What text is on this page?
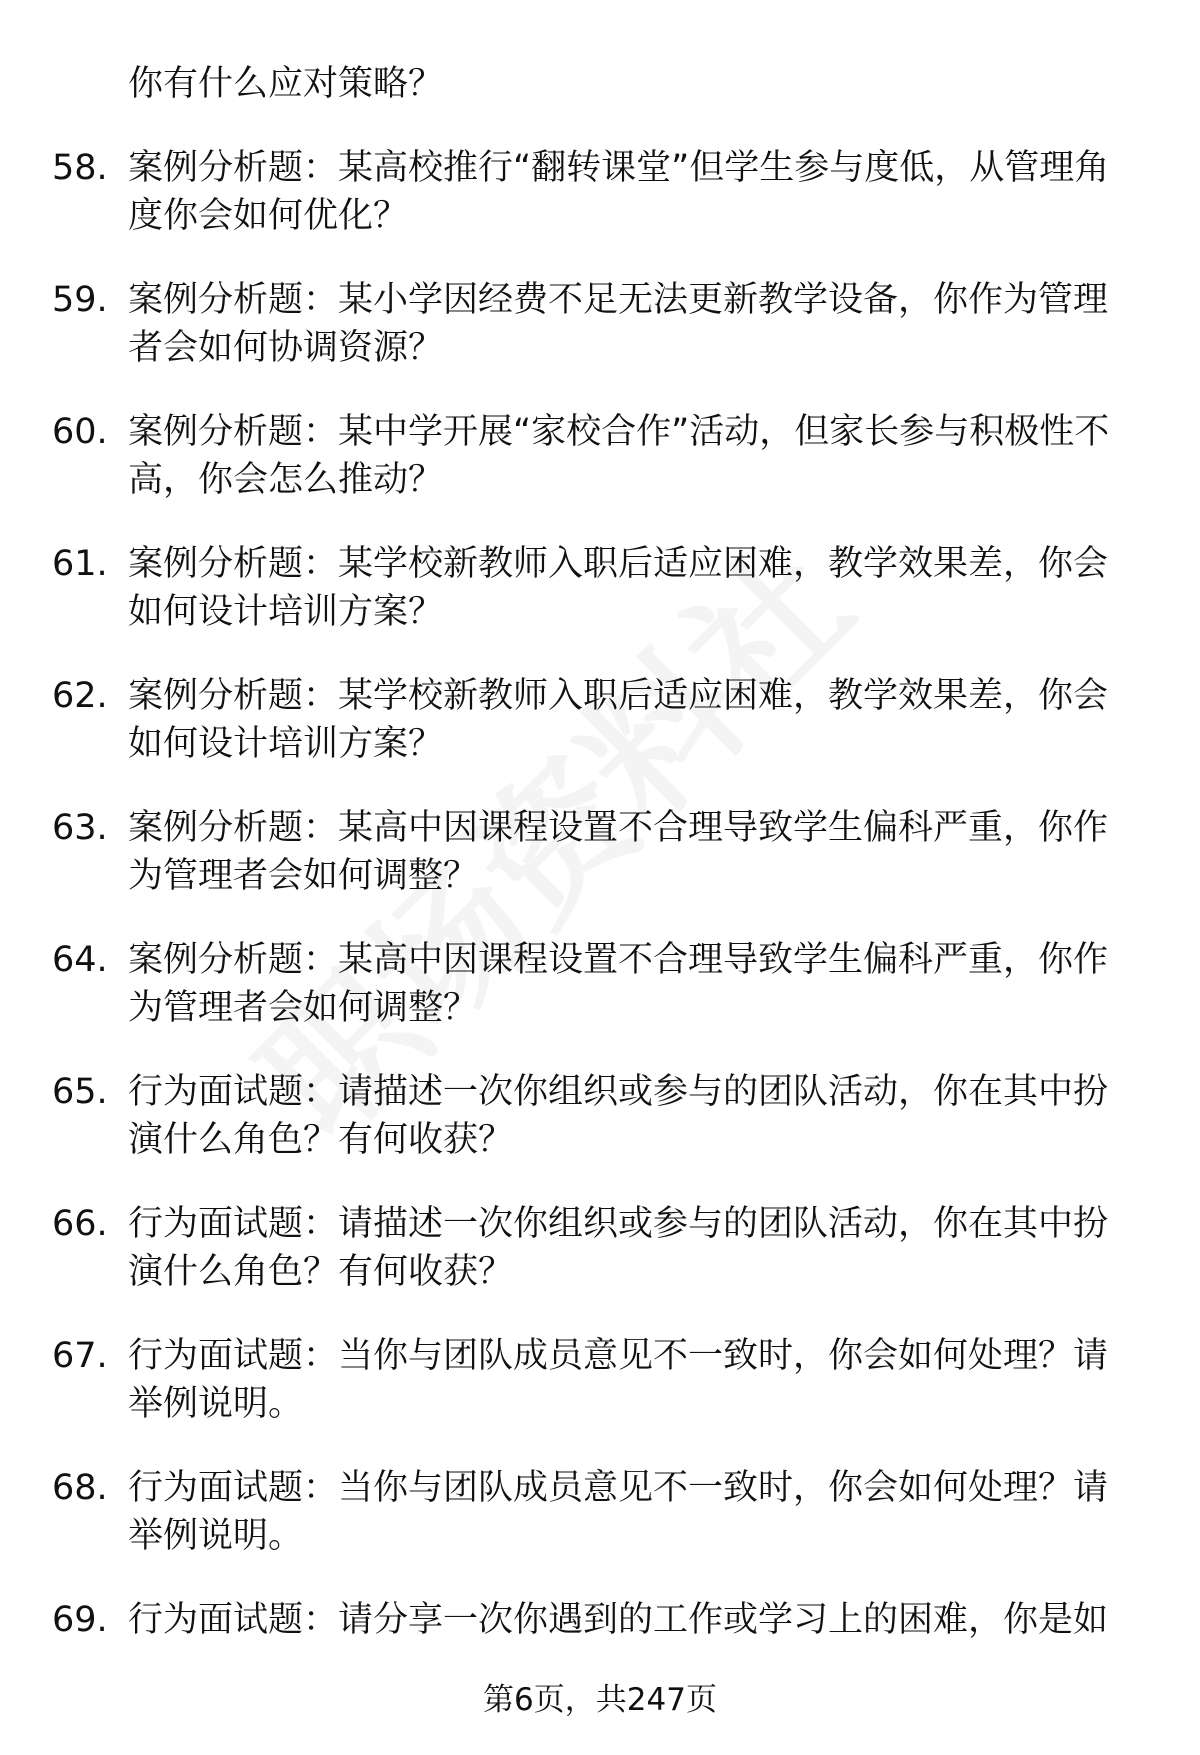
你有什么应对策略？
58. 案例分析题：某高校推行“翻转课堂”但学生参与度低，从管理角度你会如何优化？
59. 案例分析题：某小学因经费不足无法更新教学设备，你作为管理者会如何协调资源？
60. 案例分析题：某中学开展“家校合作”活动，但家长参与积极性不高，你会怎么推动？
61. 案例分析题：某学校新教师入职后适应困难，教学效果差，你会如何设计培训方案？
62. 案例分析题：某学校新教师入职后适应困难，教学效果差，你会如何设计培训方案？
63. 案例分析题：某高中因课程设置不合理导致学生偏科严重，你作为管理者会如何调整？
64. 案例分析题：某高中因课程设置不合理导致学生偏科严重，你作为管理者会如何调整？
65. 行为面试题：请描述一次你组织或参与的团队活动，你在其中扮演什么角色？有何收获？
66. 行为面试题：请描述一次你组织或参与的团队活动，你在其中扮演什么角色？有何收获？
67. 行为面试题：当你与团队成员意见不一致时，你会如何处理？请举例说明。
68. 行为面试题：当你与团队成员意见不一致时，你会如何处理？请举例说明。
69. 行为面试题：请分享一次你遇到的工作或学习上的困难，你是如
第6页，共247页
